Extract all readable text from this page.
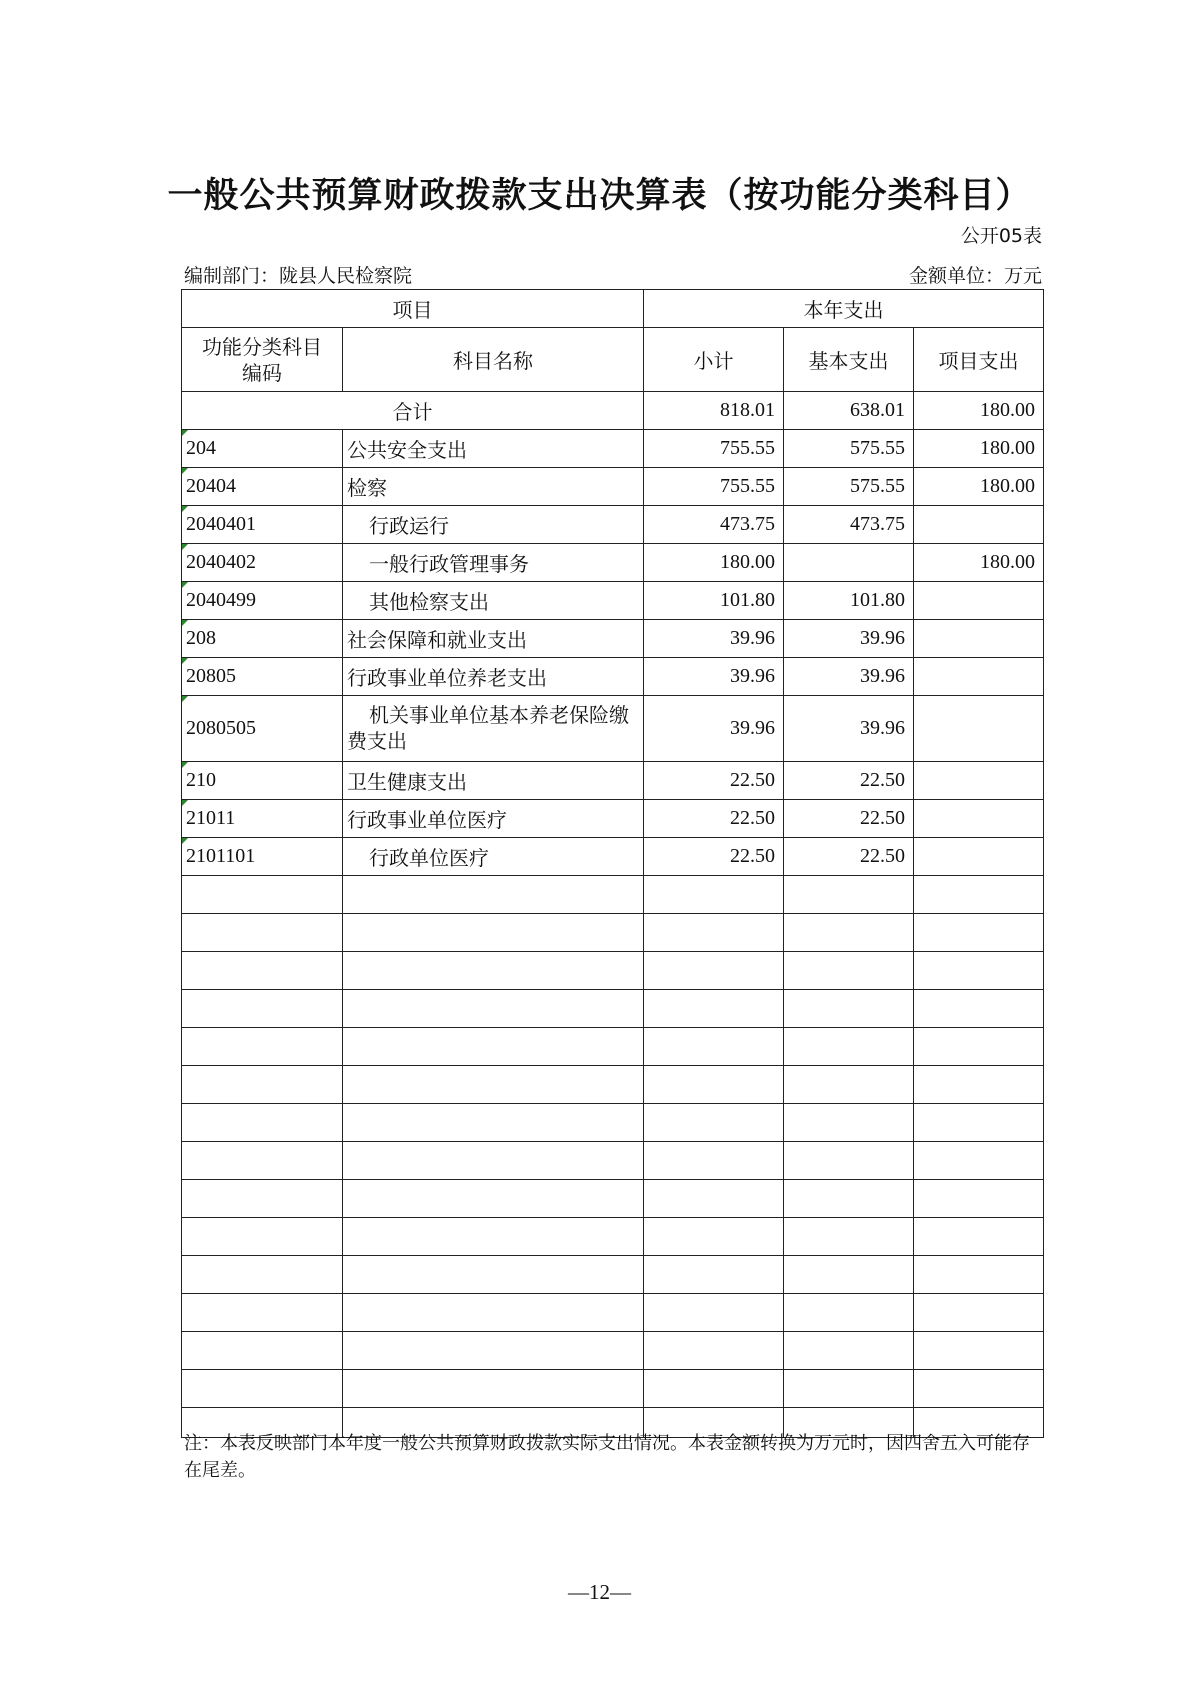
一般公共预算财政拨款支出决算表（按功能分类科目）
公开05表
编制部门：陇县人民检察院	金额单位：万元
项目		本年支出		
功能分类科目编码	科目名称	小计	基本支出	项目支出
合计		818.01	638.01	180.00
204	公共安全支出	755.55	575.55	180.00
20404	检察	755.55	575.55	180.00
2040401	行政运行	473.75	473.75	
2040402	一般行政管理事务	180.00		180.00
2040499	其他检察支出	101.80	101.80	
208	社会保障和就业支出	39.96	39.96	
20805	行政事业单位养老支出	39.96	39.96	
2080505	机关事业单位基本养老保险缴费支出	39.96	39.96	
210	卫生健康支出	22.50	22.50	
21011	行政事业单位医疗	22.50	22.50	
2101101	行政单位医疗	22.50	22.50	

注：本表反映部门本年度一般公共预算财政拨款实际支出情况。本表金额转换为万元时，因四舍五入可能存在尾差。
—12—
